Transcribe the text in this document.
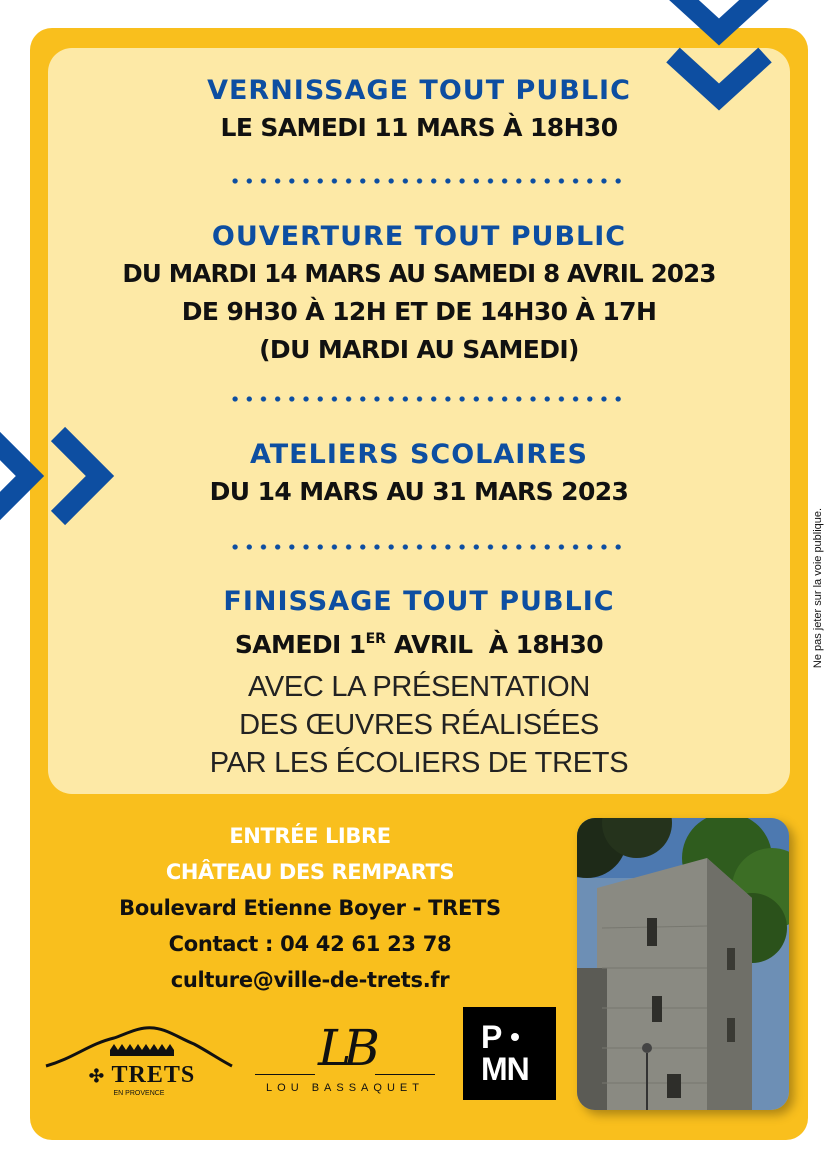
VERNISSAGE TOUT PUBLIC

LE SAMEDI 11 MARS À 18H30

OUVERTURE TOUT PUBLIC

DU MARDI 14 MARS AU SAMEDI 8 AVRIL 2023

DE 9H30 À 12H ET DE 14H30 À 17H

(DU MARDI AU SAMEDI)

ATELIERS SCOLAIRES

DU 14 MARS AU 31 MARS 2023

FINISSAGE TOUT PUBLIC

SAMEDI 1ER AVRIL  À 18H30

AVEC LA PRÉSENTATION

DES ŒUVRES RÉALISÉES

PAR LES ÉCOLIERS DE TRETS

ENTRÉE LIBRE

CHÂTEAU DES REMPARTS

Boulevard Etienne Boyer - TRETS

Contact : 04 42 61 23 78

culture@ville-de-trets.fr

Ne pas jeter sur la voie publique.
✣ TRETS
EN PROVENCE
LB
LOU BASSAQUET
P
MN
